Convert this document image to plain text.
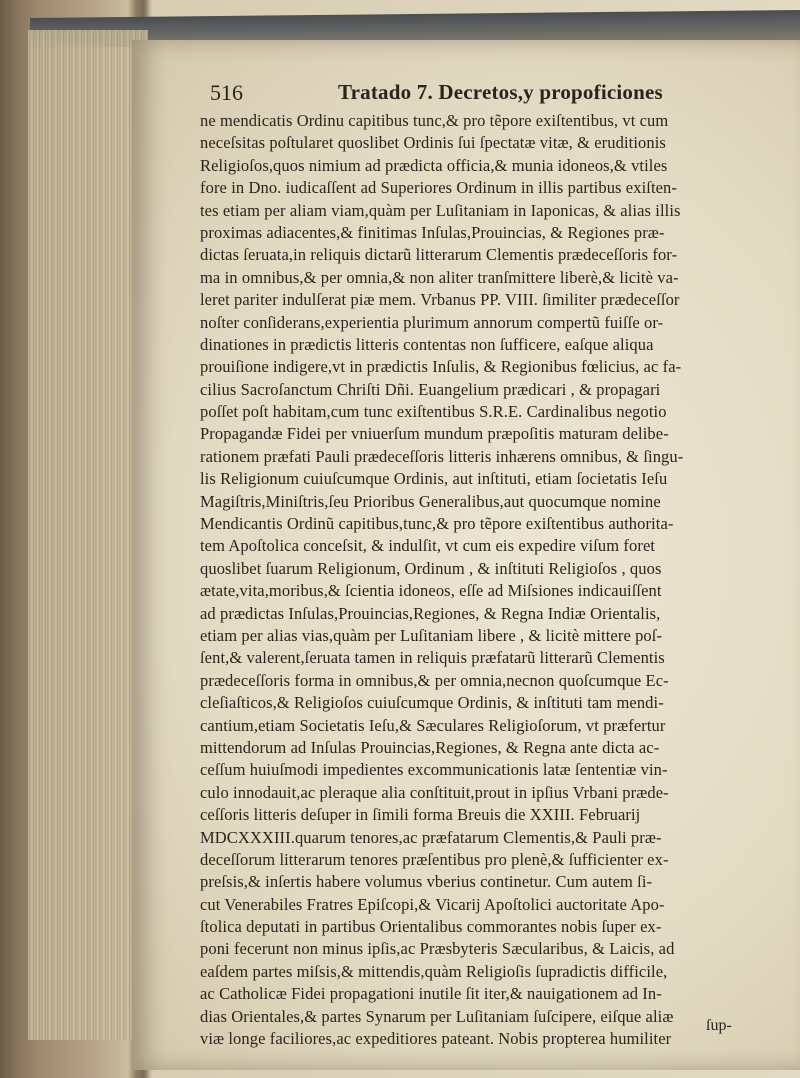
516	Tratado 7. Decretos,y propoficiones
ne mendicatis Ordinu capitibus tunc,& pro tẽpore exiſtentibus, vt cum
neceſsitas poſtularet quoslibet Ordinis ſui ſpectatæ vitæ, & eruditionis
Religioſos,quos nimium ad prædicta officia,& munia idoneos,& vtiles
fore in Dno. iudicaſſent ad Superiores Ordinum in illis partibus exiſten-
tes etiam per aliam viam,quàm per Luſitaniam in Iaponicas, & alias illis
proximas adiacentes,& finitimas Inſulas,Prouincias, & Regiones præ-
dictas ſeruata,in reliquis dictarũ litterarum Clementis prædeceſſoris for-
ma in omnibus,& per omnia,& non aliter tranſmittere liberè,& licitè va-
leret pariter indulſerat piæ mem. Vrbanus PP. VIII. ſimiliter prædeceſſor
noſter conſiderans,experientia plurimum annorum compertũ fuiſſe or-
dinationes in prædictis litteris contentas non ſufficere, eaſque aliqua
prouiſione indigere,vt in prædictis Inſulis, & Regionibus fœlicius, ac fa-
cilius Sacroſanctum Chriſti Dñi. Euangelium prædicari , & propagari
poſſet poſt habitam,cum tunc exiſtentibus S.R.E. Cardinalibus negotio
Propagandæ Fidei per vniuerſum mundum præpoſitis maturam delibe-
rationem præfati Pauli prædeceſſoris litteris inhærens omnibus, & ſingu-
lis Religionum cuiuſcumque Ordinis, aut inſtituti, etiam ſocietatis Ieſu
Magiſtris,Miniſtris,ſeu Prioribus Generalibus,aut quocumque nomine
Mendicantis Ordinũ capitibus,tunc,& pro tẽpore exiſtentibus authorita-
tem Apoſtolica conceſsit, & indulſit, vt cum eis expedire viſum foret
quoslibet ſuarum Religionum, Ordinum , & inſtituti Religioſos , quos
ætate,vita,moribus,& ſcientia idoneos, eſſe ad Miſsiones indicauiſſent
ad prædictas Inſulas,Prouincias,Regiones, & Regna Indiæ Orientalis,
etiam per alias vias,quàm per Luſitaniam libere , & licitè mittere poſ-
ſent,& valerent,ſeruata tamen in reliquis præfatarũ litterarũ Clementis
prædeceſſoris forma in omnibus,& per omnia,necnon quoſcumque Ec-
cleſiaſticos,& Religioſos cuiuſcumque Ordinis, & inſtituti tam mendi-
cantium,etiam Societatis Ieſu,& Sæculares Religioſorum, vt præfertur
mittendorum ad Inſulas Prouincias,Regiones, & Regna ante dicta ac-
ceſſum huiuſmodi impedientes excommunicationis latæ ſententiæ vin-
culo innodauit,ac pleraque alia conſtituit,prout in ipſius Vrbani præde-
ceſſoris litteris deſuper in ſimili forma Breuis die XXIII. Februarij
MDCXXXIII.quarum tenores,ac præfatarum Clementis,& Pauli præ-
deceſſorum litterarum tenores præſentibus pro plenè,& ſufficienter ex-
preſsis,& inſertis habere volumus vberius continetur. Cum autem ſi-
cut Venerabiles Fratres Epiſcopi,& Vicarij Apoſtolici auctoritate Apo-
ſtolica deputati in partibus Orientalibus commorantes nobis ſuper ex-
poni fecerunt non minus ipſis,ac Præsbyteris Sæcularibus, & Laicis, ad
eaſdem partes miſsis,& mittendis,quàm Religioſis ſupradictis difficile,
ac Catholicæ Fidei propagationi inutile ſit iter,& nauigationem ad In-
dias Orientales,& partes Synarum per Luſitaniam ſuſcipere, eiſque aliæ
viæ longe faciliores,ac expeditiores pateant. Nobis propterea humiliter
ſup-
